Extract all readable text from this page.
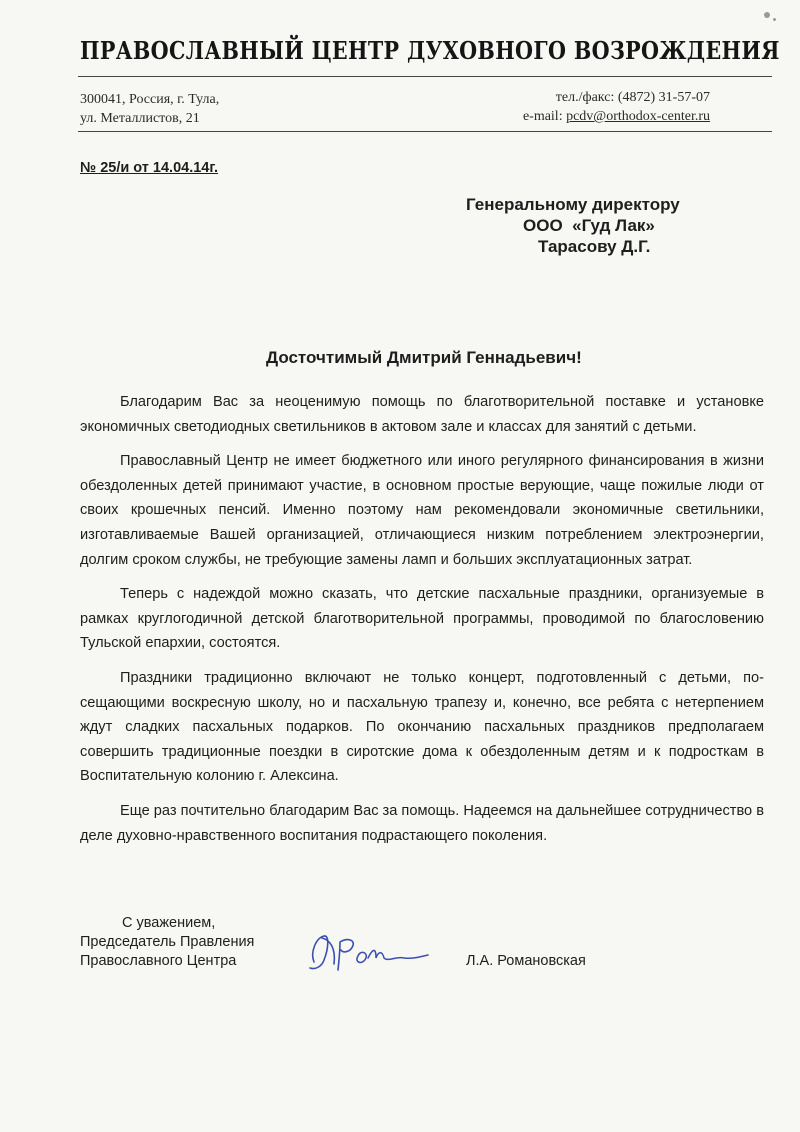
ПРАВОСЛАВНЫЙ ЦЕНТР ДУХОВНОГО ВОЗРОЖДЕНИЯ
300041, Россия, г. Тула,
ул. Металлистов, 21
тел./факс: (4872) 31-57-07
e-mail: pcdv@orthodox-center.ru
№ 25/и от 14.04.14г.
Генеральному директору
ООО  «Гуд Лак»
Тарасову Д.Г.
Досточтимый Дмитрий Геннадьевич!

Благодарим Вас за неоценимую помощь по благотворительной поставке и установке экономичных светодиодных светильников в актовом зале и классах для занятий с детьми.

Православный Центр не имеет бюджетного или иного регулярного финансирования в жизни обездоленных детей принимают участие, в основном простые верующие, чаще пожилые люди от своих крошечных пенсий. Именно поэтому нам рекомендовали экономичные светильники, изготавливаемые Вашей организацией, отличающиеся низким потреблением электроэнергии, долгим сроком службы, не требующие замены ламп и больших эксплуатационных затрат.

Теперь с надеждой можно сказать, что детские пасхальные праздники, организуемые в рамках круглогодичной детской благотворительной программы, проводимой по благословению Тульской епархии, состоятся.

Праздники традиционно включают не только концерт, подготовленный с детьми, посещающими воскресную школу, но и пасхальную трапезу и, конечно, все ребята с нетерпением ждут сладких пасхальных подарков. По окончанию пасхальных праздников предполагаем совершить традиционные поездки в сиротские дома к обездоленным детям и к подросткам в Воспитательную колонию г. Алексина.

Еще раз почтительно благодарим Вас за помощь. Надеемся на дальнейшее сотрудничество в деле духовно-нравственного воспитания подрастающего поколения.

С уважением,
Председатель Правления
Православного Центра	Л.А. Романовская
